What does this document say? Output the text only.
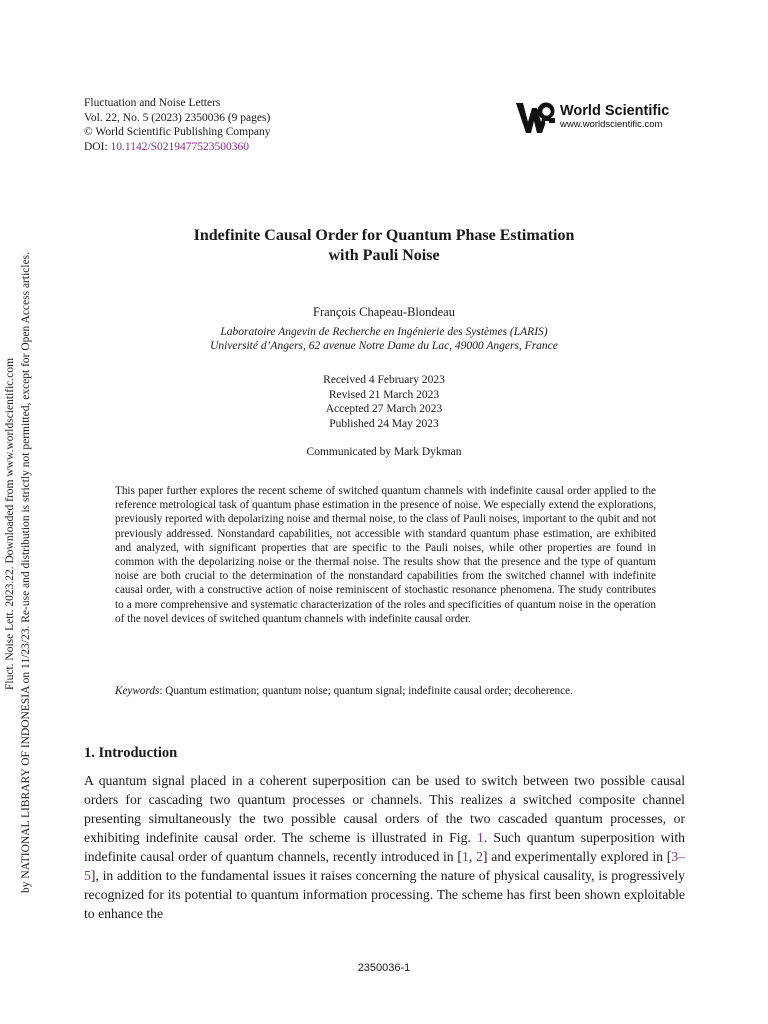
Fluct. Noise Lett. 2023.22. Downloaded from www.worldscientific.com by NATIONAL LIBRARY OF INDONESIA on 11/23/23. Re-use and distribution is strictly not permitted, except for Open Access articles.
Fluctuation and Noise Letters
Vol. 22, No. 5 (2023) 2350036 (9 pages)
© World Scientific Publishing Company
DOI: 10.1142/S0219477523500360
World Scientific
www.worldscientific.com
Indefinite Causal Order for Quantum Phase Estimation
with Pauli Noise
François Chapeau-Blondeau
Laboratoire Angevin de Recherche en Ingénierie des Systèmes (LARIS)
Université d’Angers, 62 avenue Notre Dame du Lac, 49000 Angers, France
Received 4 February 2023
Revised 21 March 2023
Accepted 27 March 2023
Published 24 May 2023
Communicated by Mark Dykman

This paper further explores the recent scheme of switched quantum channels with indefinite causal order applied to the reference metrological task of quantum phase estimation in the presence of noise. We especially extend the explorations, previously reported with depolarizing noise and thermal noise, to the class of Pauli noises, important to the qubit and not previously addressed. Nonstandard capabilities, not accessible with standard quantum phase estimation, are exhibited and analyzed, with significant properties that are specific to the Pauli noises, while other properties are found in common with the depolarizing noise or the thermal noise. The results show that the presence and the type of quantum noise are both crucial to the determination of the nonstandard capabilities from the switched channel with indefinite causal order, with a constructive action of noise reminiscent of stochastic resonance phenomena. The study contributes to a more comprehensive and systematic characterization of the roles and specificities of quantum noise in the operation of the novel devices of switched quantum channels with indefinite causal order.

Keywords: Quantum estimation; quantum noise; quantum signal; indefinite causal order; decoherence.

1. Introduction

A quantum signal placed in a coherent superposition can be used to switch between two possible causal orders for cascading two quantum processes or channels. This realizes a switched composite channel presenting simultaneously the two possible causal orders of the two cascaded quantum processes, or exhibiting indefinite causal order. The scheme is illustrated in Fig. 1. Such quantum superposition with indefinite causal order of quantum channels, recently introduced in [1, 2] and experimentally explored in [3–5], in addition to the fundamental issues it raises concerning the nature of physical causality, is progressively recognized for its potential to quantum information processing. The scheme has first been shown exploitable to enhance the

2350036-1
